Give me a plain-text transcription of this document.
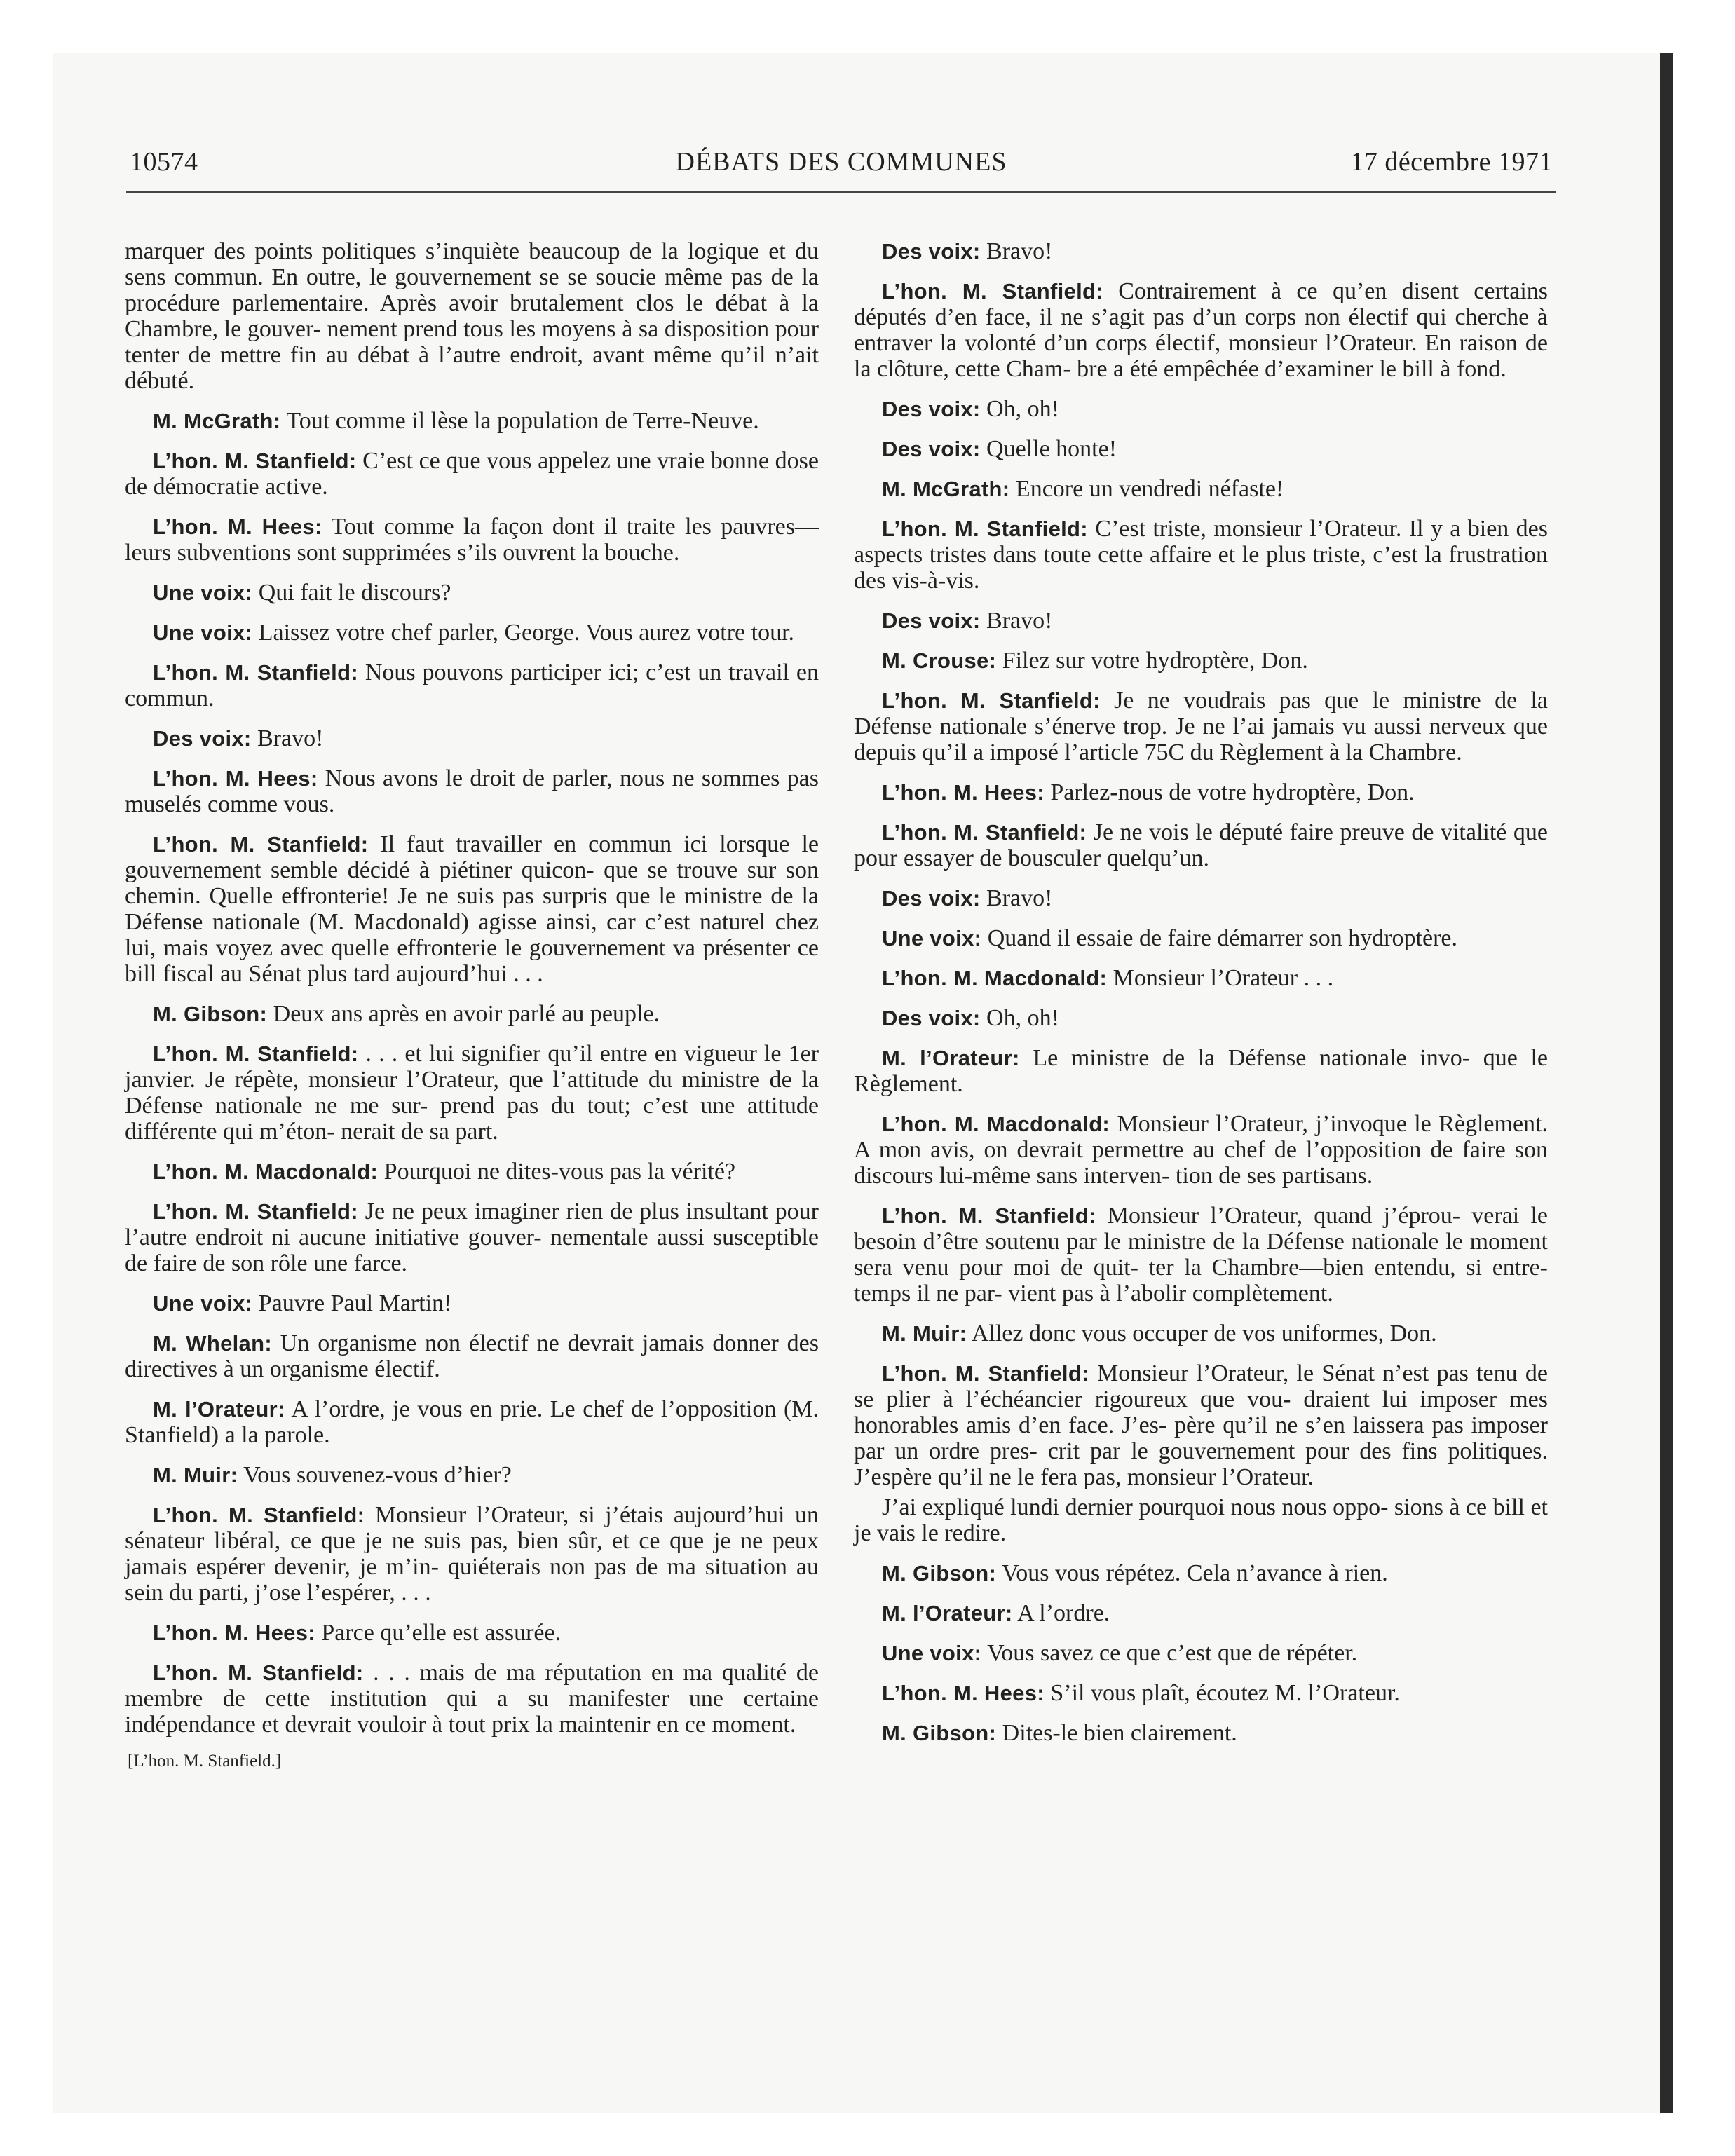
10574	DÉBATS DES COMMUNES	17 décembre 1971

marquer des points politiques s’inquiète beaucoup de la logique et du sens commun. En outre, le gouvernement se se soucie même pas de la procédure parlementaire. Après avoir brutalement clos le débat à la Chambre, le gouver- nement prend tous les moyens à sa disposition pour tenter de mettre fin au débat à l’autre endroit, avant même qu’il n’ait débuté.

M. McGrath: Tout comme il lèse la population de Terre-Neuve.

L’hon. M. Stanfield: C’est ce que vous appelez une vraie bonne dose de démocratie active.

L’hon. M. Hees: Tout comme la façon dont il traite les pauvres—leurs subventions sont supprimées s’ils ouvrent la bouche.

Une voix: Qui fait le discours?

Une voix: Laissez votre chef parler, George. Vous aurez votre tour.

L’hon. M. Stanfield: Nous pouvons participer ici; c’est un travail en commun.

Des voix: Bravo!

L’hon. M. Hees: Nous avons le droit de parler, nous ne sommes pas muselés comme vous.

L’hon. M. Stanfield: Il faut travailler en commun ici lorsque le gouvernement semble décidé à piétiner quicon- que se trouve sur son chemin. Quelle effronterie! Je ne suis pas surpris que le ministre de la Défense nationale (M. Macdonald) agisse ainsi, car c’est naturel chez lui, mais voyez avec quelle effronterie le gouvernement va présenter ce bill fiscal au Sénat plus tard aujourd’hui . . .

M. Gibson: Deux ans après en avoir parlé au peuple.

L’hon. M. Stanfield: . . . et lui signifier qu’il entre en vigueur le 1er janvier. Je répète, monsieur l’Orateur, que l’attitude du ministre de la Défense nationale ne me sur- prend pas du tout; c’est une attitude différente qui m’éton- nerait de sa part.

L’hon. M. Macdonald: Pourquoi ne dites-vous pas la vérité?

L’hon. M. Stanfield: Je ne peux imaginer rien de plus insultant pour l’autre endroit ni aucune initiative gouver- nementale aussi susceptible de faire de son rôle une farce.

Une voix: Pauvre Paul Martin!

M. Whelan: Un organisme non électif ne devrait jamais donner des directives à un organisme électif.

M. l’Orateur: A l’ordre, je vous en prie. Le chef de l’opposition (M. Stanfield) a la parole.

M. Muir: Vous souvenez-vous d’hier?

L’hon. M. Stanfield: Monsieur l’Orateur, si j’étais aujourd’hui un sénateur libéral, ce que je ne suis pas, bien sûr, et ce que je ne peux jamais espérer devenir, je m’in- quiéterais non pas de ma situation au sein du parti, j’ose l’espérer, . . .

L’hon. M. Hees: Parce qu’elle est assurée.

L’hon. M. Stanfield: . . . mais de ma réputation en ma qualité de membre de cette institution qui a su manifester une certaine indépendance et devrait vouloir à tout prix la maintenir en ce moment.

[L’hon. M. Stanfield.]

Des voix: Bravo!

L’hon. M. Stanfield: Contrairement à ce qu’en disent certains députés d’en face, il ne s’agit pas d’un corps non électif qui cherche à entraver la volonté d’un corps électif, monsieur l’Orateur. En raison de la clôture, cette Cham- bre a été empêchée d’examiner le bill à fond.

Des voix: Oh, oh!

Des voix: Quelle honte!

M. McGrath: Encore un vendredi néfaste!

L’hon. M. Stanfield: C’est triste, monsieur l’Orateur. Il y a bien des aspects tristes dans toute cette affaire et le plus triste, c’est la frustration des vis-à-vis.

Des voix: Bravo!

M. Crouse: Filez sur votre hydroptère, Don.

L’hon. M. Stanfield: Je ne voudrais pas que le ministre de la Défense nationale s’énerve trop. Je ne l’ai jamais vu aussi nerveux que depuis qu’il a imposé l’article 75C du Règlement à la Chambre.

L’hon. M. Hees: Parlez-nous de votre hydroptère, Don.

L’hon. M. Stanfield: Je ne vois le député faire preuve de vitalité que pour essayer de bousculer quelqu’un.

Des voix: Bravo!

Une voix: Quand il essaie de faire démarrer son hydroptère.

L’hon. M. Macdonald: Monsieur l’Orateur . . .

Des voix: Oh, oh!

M. l’Orateur: Le ministre de la Défense nationale invo- que le Règlement.

L’hon. M. Macdonald: Monsieur l’Orateur, j’invoque le Règlement. A mon avis, on devrait permettre au chef de l’opposition de faire son discours lui-même sans interven- tion de ses partisans.

L’hon. M. Stanfield: Monsieur l’Orateur, quand j’éprou- verai le besoin d’être soutenu par le ministre de la Défense nationale le moment sera venu pour moi de quit- ter la Chambre—bien entendu, si entre-temps il ne par- vient pas à l’abolir complètement.

M. Muir: Allez donc vous occuper de vos uniformes, Don.

L’hon. M. Stanfield: Monsieur l’Orateur, le Sénat n’est pas tenu de se plier à l’échéancier rigoureux que vou- draient lui imposer mes honorables amis d’en face. J’es- père qu’il ne s’en laissera pas imposer par un ordre pres- crit par le gouvernement pour des fins politiques. J’espère qu’il ne le fera pas, monsieur l’Orateur.

J’ai expliqué lundi dernier pourquoi nous nous oppo- sions à ce bill et je vais le redire.

M. Gibson: Vous vous répétez. Cela n’avance à rien.

M. l’Orateur: A l’ordre.

Une voix: Vous savez ce que c’est que de répéter.

L’hon. M. Hees: S’il vous plaît, écoutez M. l’Orateur.

M. Gibson: Dites-le bien clairement.
